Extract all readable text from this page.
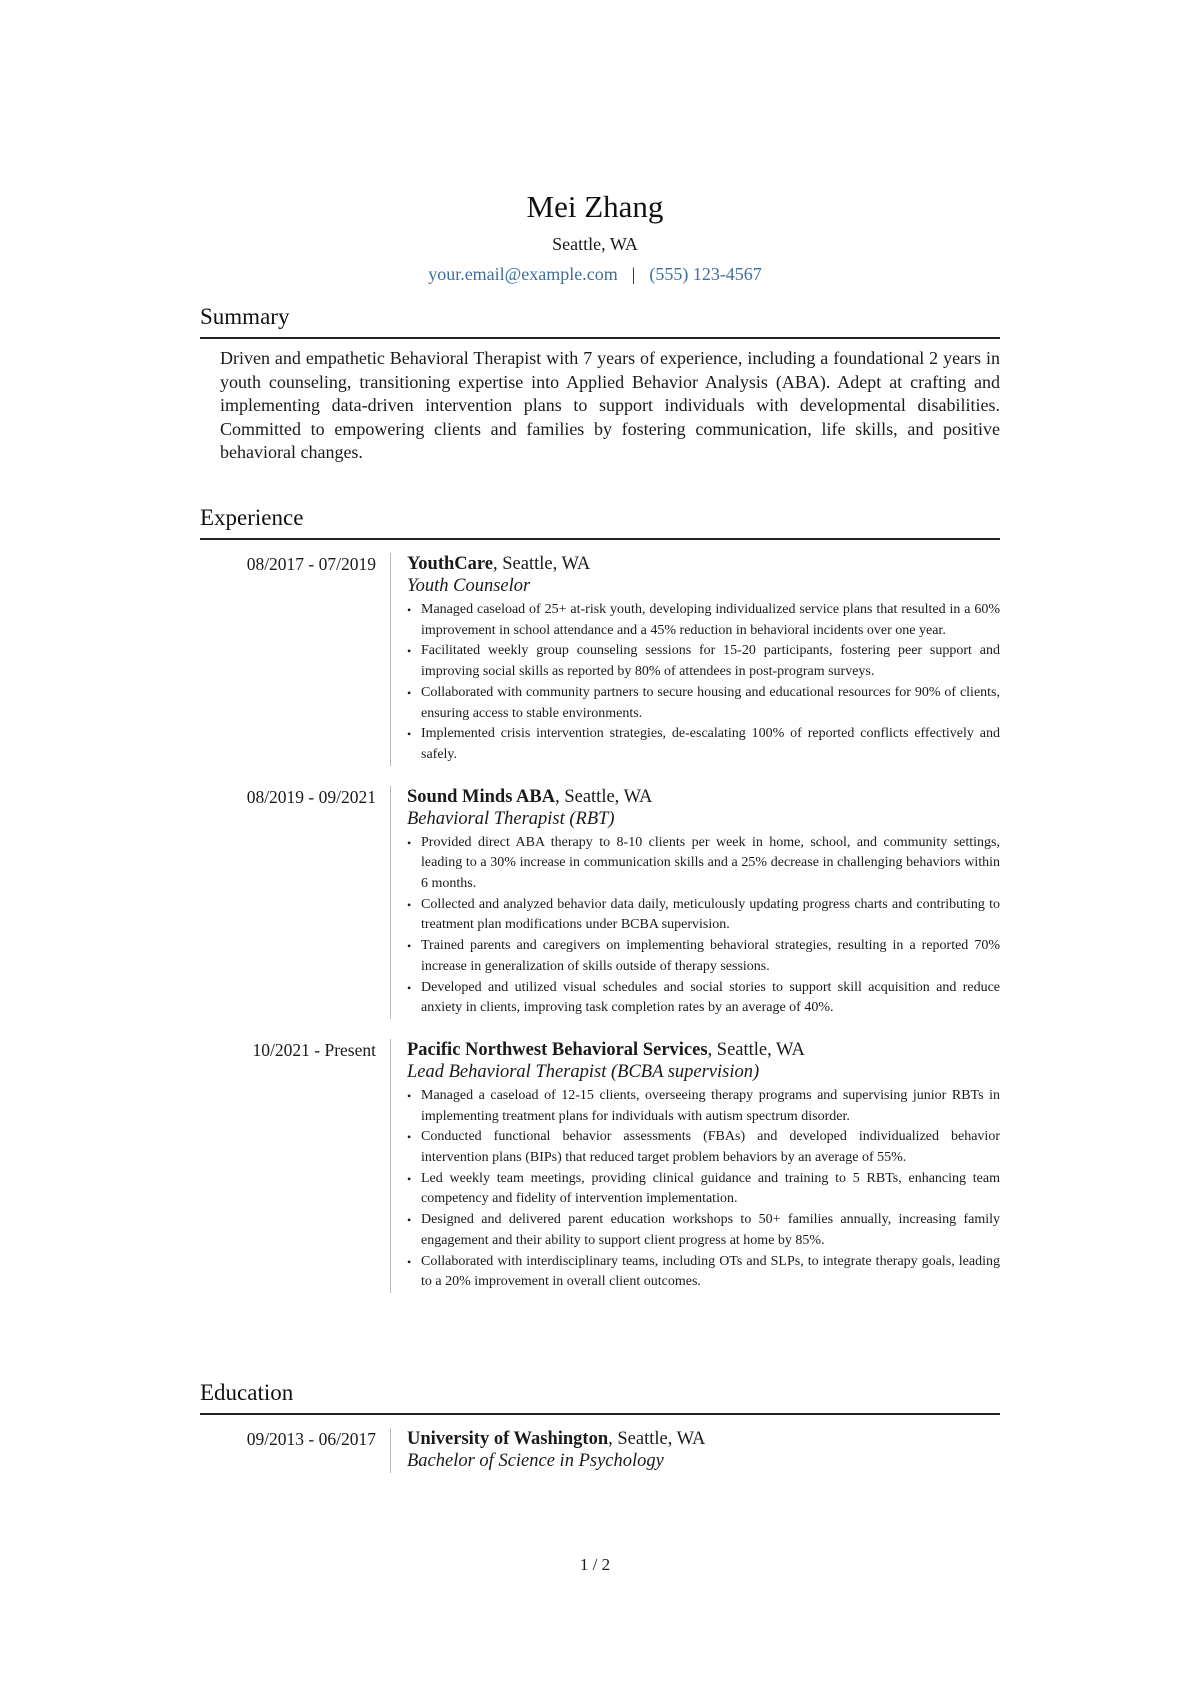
Mei Zhang
Seattle, WA
your.email@example.com | (555) 123-4567
Summary
Driven and empathetic Behavioral Therapist with 7 years of experience, including a foundational 2 years in youth counseling, transitioning expertise into Applied Behavior Analysis (ABA). Adept at crafting and implementing data-driven intervention plans to support individuals with developmental disabilities. Committed to empowering clients and families by fostering communication, life skills, and positive behavioral changes.
Experience
08/2017 - 07/2019	YouthCare, Seattle, WA
Youth Counselor
• Managed caseload of 25+ at-risk youth, developing individualized service plans that resulted in a 60% improvement in school attendance and a 45% reduction in behavioral incidents over one year.
• Facilitated weekly group counseling sessions for 15-20 participants, fostering peer support and improving social skills as reported by 80% of attendees in post-program surveys.
• Collaborated with community partners to secure housing and educational resources for 90% of clients, ensuring access to stable environments.
• Implemented crisis intervention strategies, de-escalating 100% of reported conflicts effectively and safely.
08/2019 - 09/2021	Sound Minds ABA, Seattle, WA
Behavioral Therapist (RBT)
• Provided direct ABA therapy to 8-10 clients per week in home, school, and community settings, leading to a 30% increase in communication skills and a 25% decrease in challenging behaviors within 6 months.
• Collected and analyzed behavior data daily, meticulously updating progress charts and contributing to treatment plan modifications under BCBA supervision.
• Trained parents and caregivers on implementing behavioral strategies, resulting in a reported 70% increase in generalization of skills outside of therapy sessions.
• Developed and utilized visual schedules and social stories to support skill acquisition and reduce anxiety in clients, improving task completion rates by an average of 40%.
10/2021 - Present	Pacific Northwest Behavioral Services, Seattle, WA
Lead Behavioral Therapist (BCBA supervision)
• Managed a caseload of 12-15 clients, overseeing therapy programs and supervising junior RBTs in implementing treatment plans for individuals with autism spectrum disorder.
• Conducted functional behavior assessments (FBAs) and developed individualized behavior intervention plans (BIPs) that reduced target problem behaviors by an average of 55%.
• Led weekly team meetings, providing clinical guidance and training to 5 RBTs, enhancing team competency and fidelity of intervention implementation.
• Designed and delivered parent education workshops to 50+ families annually, increasing family engagement and their ability to support client progress at home by 85%.
• Collaborated with interdisciplinary teams, including OTs and SLPs, to integrate therapy goals, leading to a 20% improvement in overall client outcomes.
Education
09/2013 - 06/2017	University of Washington, Seattle, WA
Bachelor of Science in Psychology
1 / 2
